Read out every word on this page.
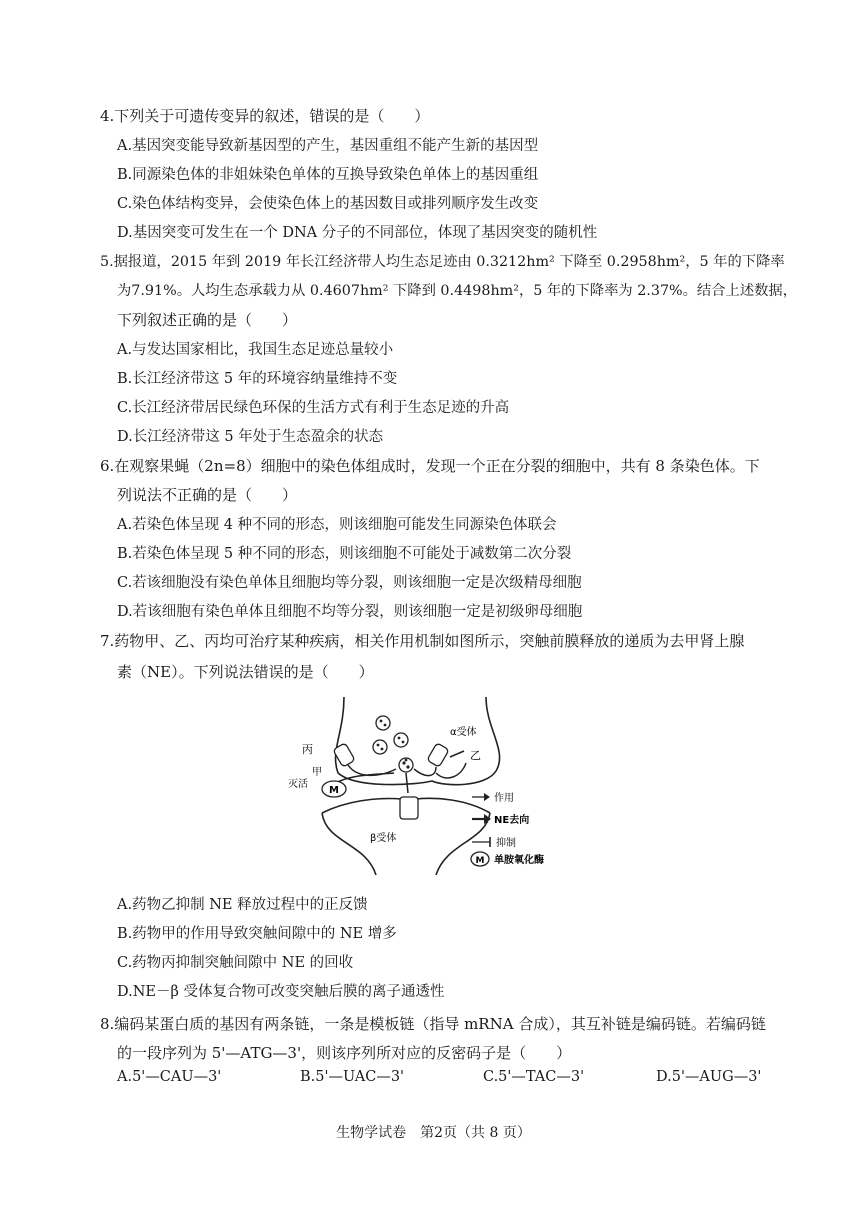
4.下列关于可遗传变异的叙述，错误的是（　　）
A.基因突变能导致新基因型的产生，基因重组不能产生新的基因型
B.同源染色体的非姐妹染色单体的互换导致染色单体上的基因重组
C.染色体结构变异，会使染色体上的基因数目或排列顺序发生改变
D.基因突变可发生在一个 DNA 分子的不同部位，体现了基因突变的随机性
5.据报道，2015 年到 2019 年长江经济带人均生态足迹由 0.3212hm² 下降至 0.2958hm²，5 年的下降率
为7.91%。人均生态承载力从 0.4607hm² 下降到 0.4498hm²，5 年的下降率为 2.37%。结合上述数据，
下列叙述正确的是（　　）
A.与发达国家相比，我国生态足迹总量较小
B.长江经济带这 5 年的环境容纳量维持不变
C.长江经济带居民绿色环保的生活方式有利于生态足迹的升高
D.长江经济带这 5 年处于生态盈余的状态
6.在观察果蝇（2n=8）细胞中的染色体组成时，发现一个正在分裂的细胞中，共有 8 条染色体。下
列说法不正确的是（　　）
A.若染色体呈现 4 种不同的形态，则该细胞可能发生同源染色体联会
B.若染色体呈现 5 种不同的形态，则该细胞不可能处于减数第二次分裂
C.若该细胞没有染色单体且细胞均等分裂，则该细胞一定是次级精母细胞
D.若该细胞有染色单体且细胞不均等分裂，则该细胞一定是初级卵母细胞
7.药物甲、乙、丙均可治疗某种疾病，相关作用机制如图所示，突触前膜释放的递质为去甲肾上腺
素（NE）。下列说法错误的是（　　）
M
丙
甲
灭活
α受体
乙
β受体
作用
NE去向
抑制
M 单胺氧化酶
A.药物乙抑制 NE 释放过程中的正反馈
B.药物甲的作用导致突触间隙中的 NE 增多
C.药物丙抑制突触间隙中 NE 的回收
D.NE－β 受体复合物可改变突触后膜的离子通透性
8.编码某蛋白质的基因有两条链，一条是模板链（指导 mRNA 合成），其互补链是编码链。若编码链
的一段序列为 5'—ATG—3'，则该序列所对应的反密码子是（　　）
A.5'—CAU—3'	B.5'—UAC—3'	C.5'—TAC—3'	D.5'—AUG—3'
生物学试卷　第2页（共 8 页）
